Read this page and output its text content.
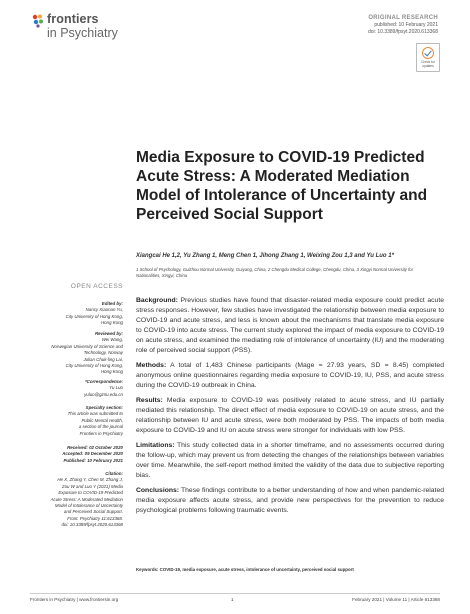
frontiers
in Psychiatry
ORIGINAL RESEARCH
published: 10 February 2021
doi: 10.3389/fpsyt.2020.613368
Check for updates
Media Exposure to COVID-19 Predicted Acute Stress: A Moderated Mediation Model of Intolerance of Uncertainty and Perceived Social Support
Xiangcai He 1,2, Yu Zhang 1, Meng Chen 1, Jihong Zhang 1, Weixing Zou 1,3 and Yu Luo 1*
1 School of Psychology, Guizhou Normal University, Guiyang, China, 2 Chengdu Medical College, Chengdu, China, 3 Xingyi Normal University for Nationalities, Xingyi, China
OPEN ACCESS
Edited by:
Nancy Xiaonan Yu,
City University of Hong Kong,
Hong Kong
Reviewed by:
Wei Wang,
Norwegian University of Science and
Technology, Norway
Julian Chuk-ling Lai,
City University of Hong Kong,
Hong Kong
*Correspondence:
Yu Luo
yuluo@gznu.edu.cn
Specialty section:
This article was submitted to
Public Mental Health,
a section of the journal
Frontiers in Psychiatry
Received: 02 October 2020
Accepted: 09 December 2020
Published: 10 February 2021
Citation:
He X, Zhang Y, Chen M, Zhang J,
Zou W and Luo Y (2021) Media
Exposure to COVID-19 Predicted
Acute Stress: A Moderated Mediation
Model of Intolerance of Uncertainty
and Perceived Social Support.
Front. Psychiatry 11:613368.
doi: 10.3389/fpsyt.2020.613368

Background: Previous studies have found that disaster-related media exposure could predict acute stress responses. However, few studies have investigated the relationship between media exposure to COVID-19 and acute stress, and less is known about the mechanisms that translate media exposure to COVID-19 into acute stress. The current study explored the impact of media exposure to COVID-19 on acute stress, and examined the mediating role of intolerance of uncertainty (IU) and the moderating role of perceived social support (PSS).

Methods: A total of 1,483 Chinese participants (Mage = 27.93 years, SD = 8.45) completed anonymous online questionnaires regarding media exposure to COVID-19, IU, PSS, and acute stress during the COVID-19 outbreak in China.

Results: Media exposure to COVID-19 was positively related to acute stress, and IU partially mediated this relationship. The direct effect of media exposure to COVID-19 on acute stress, and the relationship between IU and acute stress, were both moderated by PSS. The impacts of both media exposure to COVID-19 and IU on acute stress were stronger for individuals with low PSS.

Limitations: This study collected data in a shorter timeframe, and no assessments occurred during the follow-up, which may prevent us from detecting the changes of the relationships between variables over time. Meanwhile, the self-report method limited the validity of the data due to subjective reporting bias.

Conclusions: These findings contribute to a better understanding of how and when pandemic-related media exposure affects acute stress, and provide new perspectives for the prevention to reduce psychological problems following traumatic events.

Keywords: COVID-19, media exposure, acute stress, intolerance of uncertainty, perceived social support
Frontiers in Psychiatry | www.frontiersin.org	1	February 2021 | Volume 11 | Article 613368
